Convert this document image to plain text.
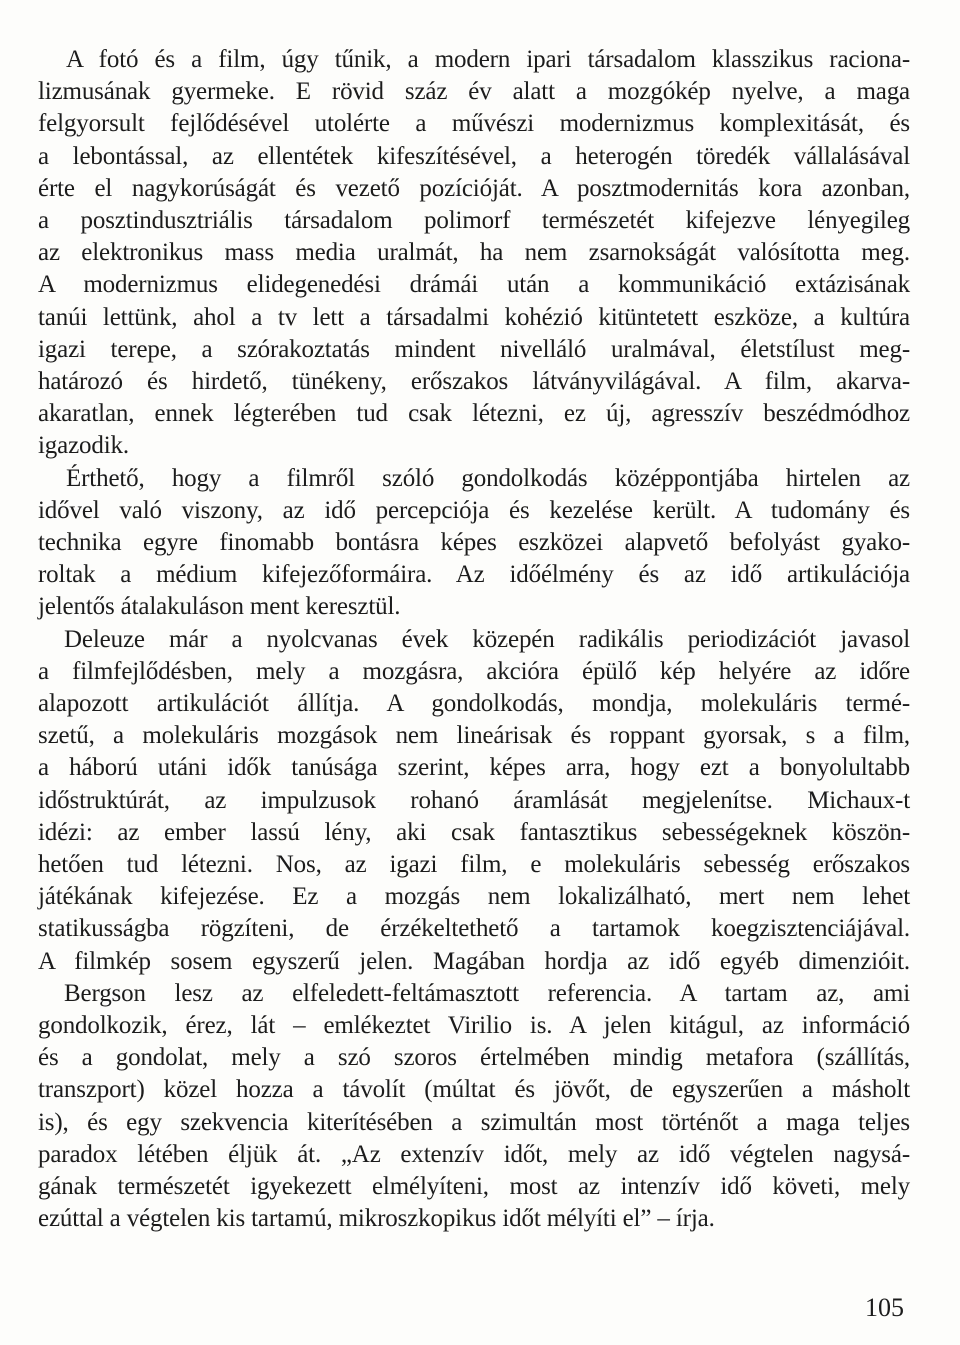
A fotó és a film, úgy tűnik, a modern ipari társadalom klasszikus raciona-
lizmusának gyermeke. E rövid száz év alatt a mozgókép nyelve, a maga
felgyorsult fejlődésével utolérte a művészi modernizmus komplexitását, és
a lebontással, az ellentétek kifeszítésével, a heterogén töredék vállalásával
érte el nagykorúságát és vezető pozícióját. A posztmodernitás kora azonban,
a posztindusztriális társadalom polimorf természetét kifejezve lényegileg
az elektronikus mass media uralmát, ha nem zsarnokságát valósította meg.
A modernizmus elidegenedési drámái után a kommunikáció extázisának
tanúi lettünk, ahol a tv lett a társadalmi kohézió kitüntetett eszköze, a kultúra
igazi terepe, a szórakoztatás mindent nivelláló uralmával, életstílust meg-
határozó és hirdető, tünékeny, erőszakos látványvilágával. A film, akarva-
akaratlan, ennek légterében tud csak létezni, ez új, agresszív beszédmódhoz
igazodik.
Érthető, hogy a filmről szóló gondolkodás középpontjába hirtelen az
idővel való viszony, az idő percepciója és kezelése került. A tudomány és
technika egyre finomabb bontásra képes eszközei alapvető befolyást gyako-
roltak a médium kifejezőformáira. Az időélmény és az idő artikulációja
jelentős átalakuláson ment keresztül.
Deleuze már a nyolcvanas évek közepén radikális periodizációt javasol
a filmfejlődésben, mely a mozgásra, akcióra épülő kép helyére az időre
alapozott artikulációt állítja. A gondolkodás, mondja, molekuláris termé-
szetű, a molekuláris mozgások nem lineárisak és roppant gyorsak, s a film,
a háború utáni idők tanúsága szerint, képes arra, hogy ezt a bonyolultabb
időstruktúrát, az impulzusok rohanó áramlását megjelenítse. Michaux-t
idézi: az ember lassú lény, aki csak fantasztikus sebességeknek köszön-
hetően tud létezni. Nos, az igazi film, e molekuláris sebesség erőszakos
játékának kifejezése. Ez a mozgás nem lokalizálható, mert nem lehet
statikusságba rögzíteni, de érzékeltethető a tartamok koegzisztenciájával.
A filmkép sosem egyszerű jelen. Magában hordja az idő egyéb dimenzióit.
Bergson lesz az elfeledett-feltámasztott referencia. A tartam az, ami
gondolkozik, érez, lát – emlékeztet Virilio is. A jelen kitágul, az információ
és a gondolat, mely a szó szoros értelmében mindig metafora (szállítás,
transzport) közel hozza a távolít (múltat és jövőt, de egyszerűen a másholt
is), és egy szekvencia kiterítésében a szimultán most történőt a maga teljes
paradox létében éljük át. „Az extenzív időt, mely az idő végtelen nagysá-
gának természetét igyekezett elmélyíteni, most az intenzív idő követi, mely
ezúttal a végtelen kis tartamú, mikroszkopikus időt mélyíti el” – írja.
105
